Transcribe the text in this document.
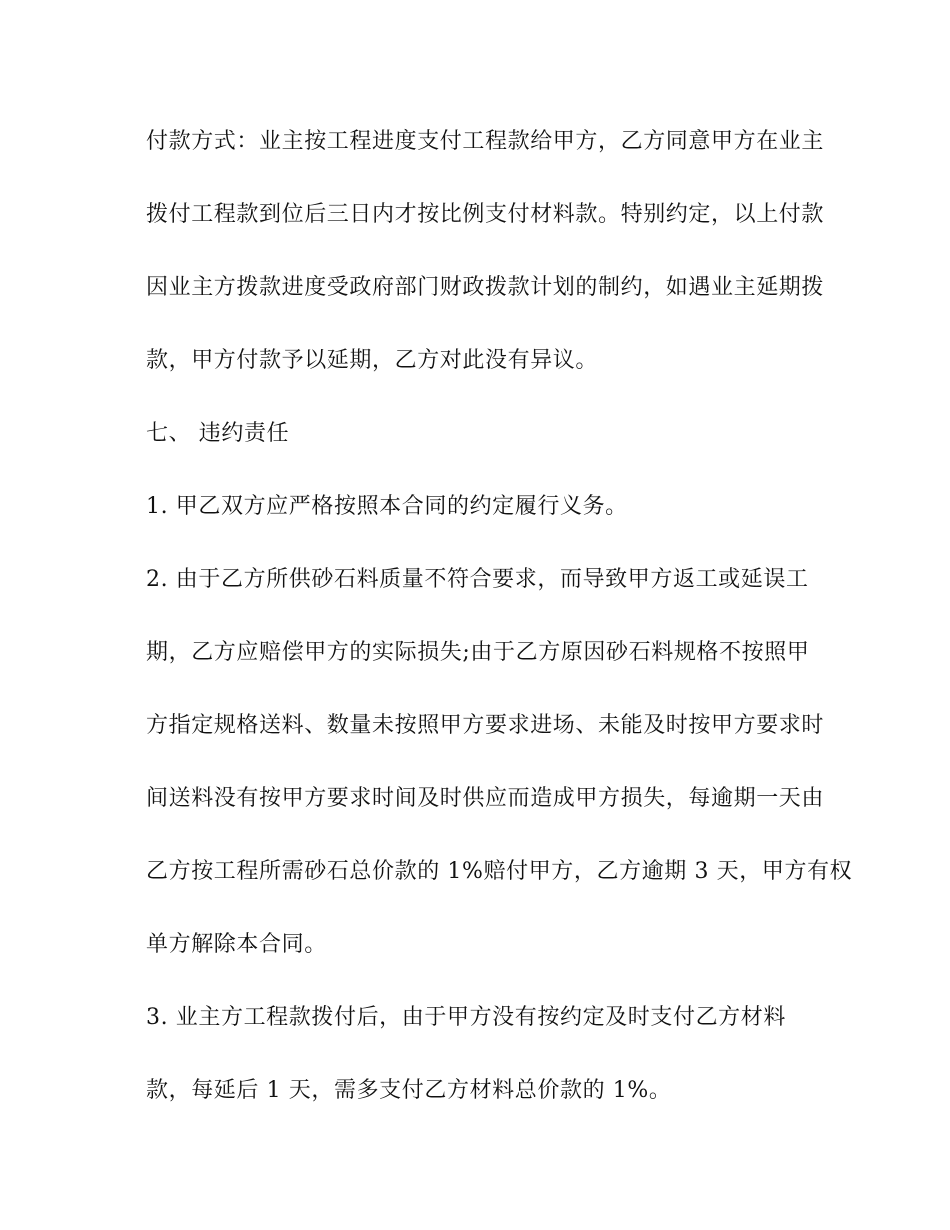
付款方式：业主按工程进度支付工程款给甲方，乙方同意甲方在业主
拨付工程款到位后三日内才按比例支付材料款。特别约定，以上付款
因业主方拨款进度受政府部门财政拨款计划的制约，如遇业主延期拨
款，甲方付款予以延期，乙方对此没有异议。
七、 违约责任
1. 甲乙双方应严格按照本合同的约定履行义务。
2. 由于乙方所供砂石料质量不符合要求，而导致甲方返工或延误工
期，乙方应赔偿甲方的实际损失;由于乙方原因砂石料规格不按照甲
方指定规格送料、数量未按照甲方要求进场、未能及时按甲方要求时
间送料没有按甲方要求时间及时供应而造成甲方损失，每逾期一天由
乙方按工程所需砂石总价款的 1%赔付甲方，乙方逾期 3 天，甲方有权
单方解除本合同。
3. 业主方工程款拨付后，由于甲方没有按约定及时支付乙方材料
款，每延后 1 天，需多支付乙方材料总价款的 1%。
